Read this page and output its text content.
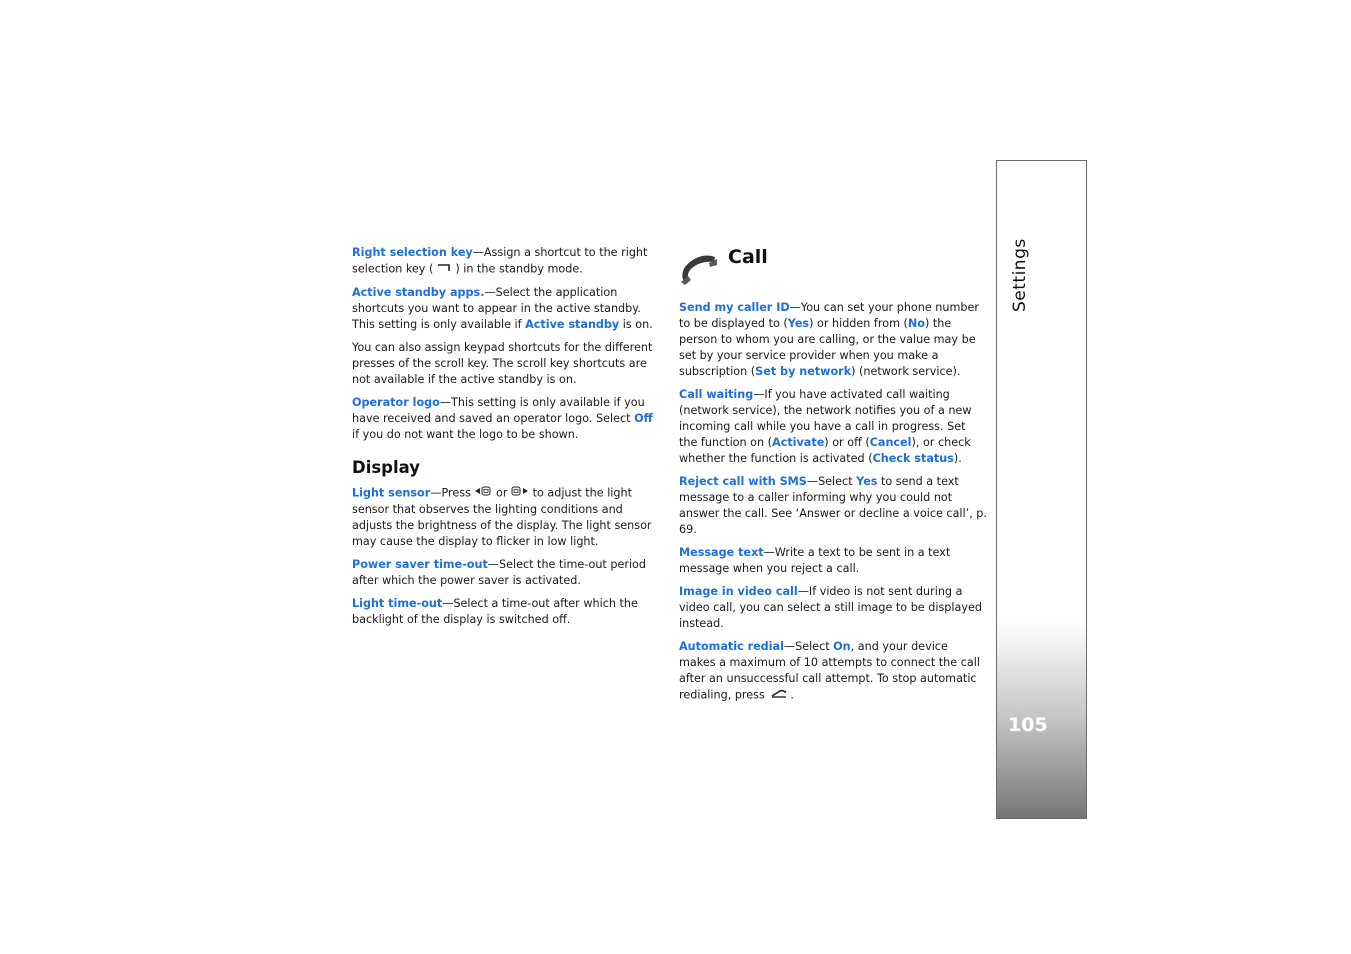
Right selection key—Assign a shortcut to the right selection key ( ) in the standby mode.

Active standby apps.—Select the application shortcuts you want to appear in the active standby. This setting is only available if Active standby is on.

You can also assign keypad shortcuts for the different presses of the scroll key. The scroll key shortcuts are not available if the active standby is on.

Operator logo—This setting is only available if you have received and saved an operator logo. Select Off if you do not want the logo to be shown.

Display

Light sensor—Press  or  to adjust the light sensor that observes the lighting conditions and adjusts the brightness of the display. The light sensor may cause the display to flicker in low light.

Power saver time-out—Select the time-out period after which the power saver is activated.

Light time-out—Select a time-out after which the backlight of the display is switched off.

Call

Send my caller ID—You can set your phone number to be displayed to (Yes) or hidden from (No) the person to whom you are calling, or the value may be set by your service provider when you make a subscription (Set by network) (network service).

Call waiting—If you have activated call waiting (network service), the network notifies you of a new incoming call while you have a call in progress. Set the function on (Activate) or off (Cancel), or check whether the function is activated (Check status).

Reject call with SMS—Select Yes to send a text message to a caller informing why you could not answer the call. See ‘Answer or decline a voice call’, p. 69.

Message text—Write a text to be sent in a text message when you reject a call.

Image in video call—If video is not sent during a video call, you can select a still image to be displayed instead.

Automatic redial—Select On, and your device makes a maximum of 10 attempts to connect the call after an unsuccessful call attempt. To stop automatic redialing, press .

Settings
105
